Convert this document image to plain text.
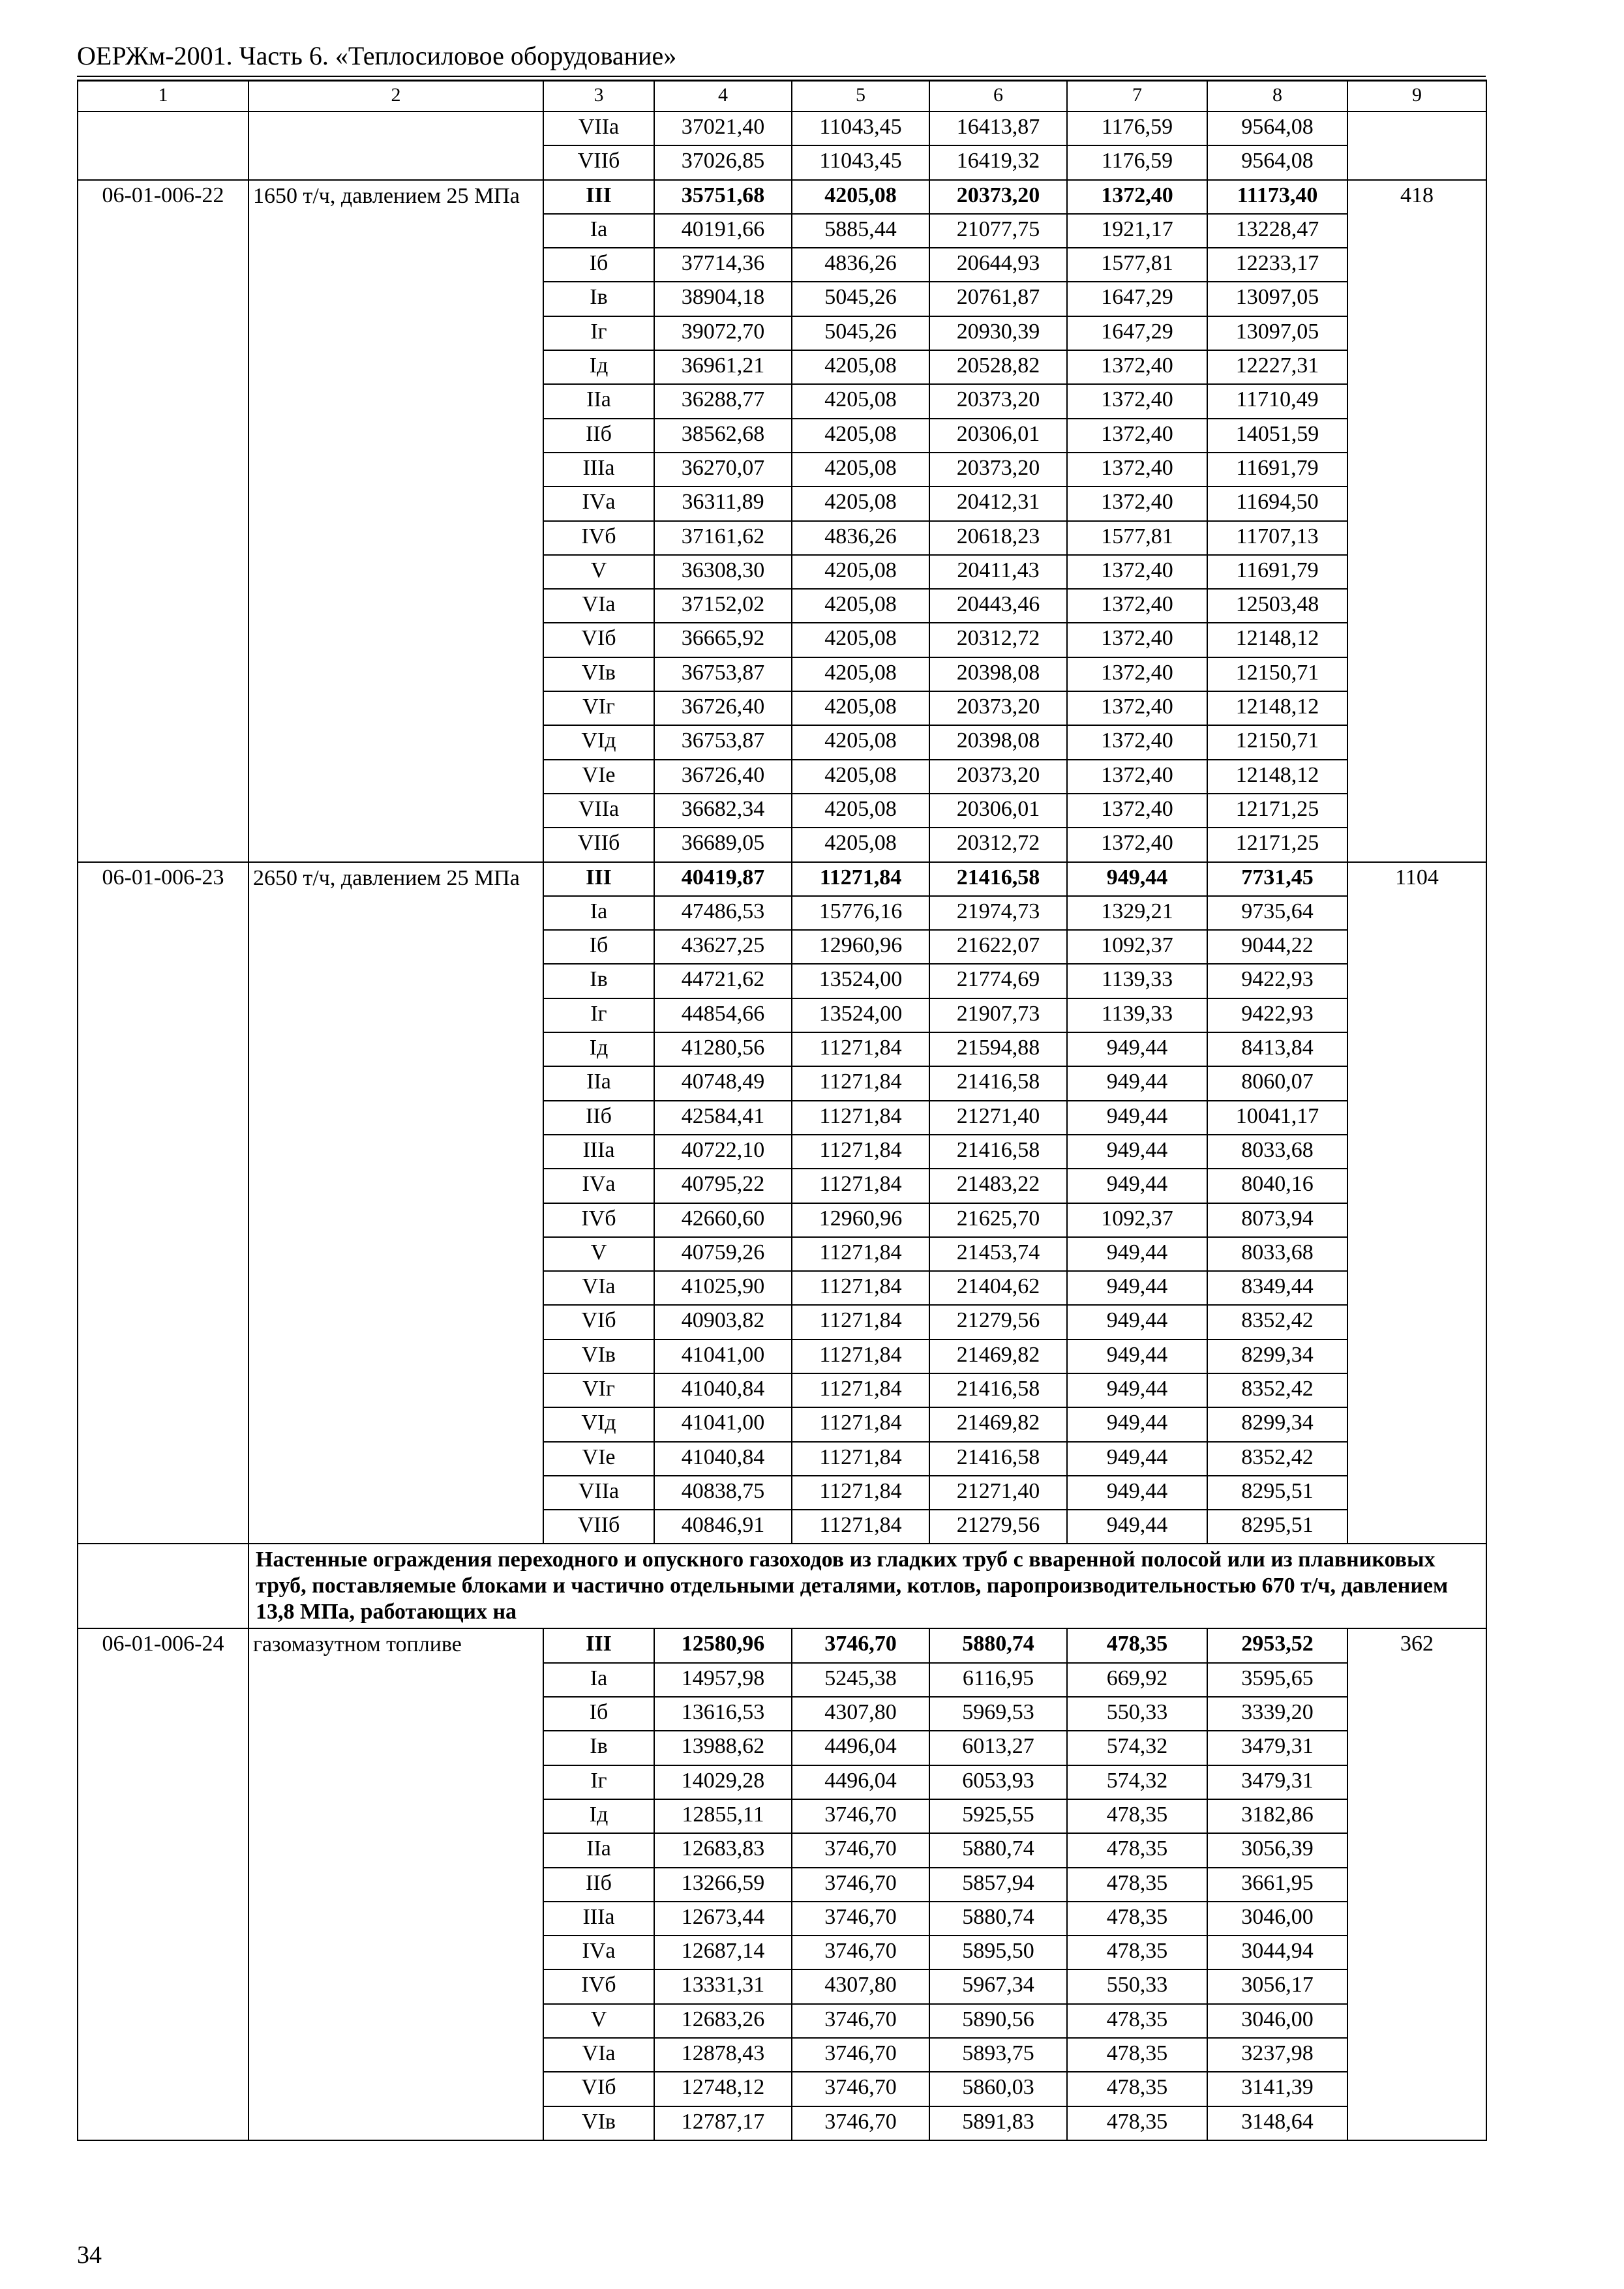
ОЕРЖм-2001. Часть 6. «Теплосиловое оборудование»
1	2	3	4	5	6	7	8	9
		VIIа	37021,40	11043,45	16413,87	1176,59	9564,08	
		VIIб	37026,85	11043,45	16419,32	1176,59	9564,08	
06-01-006-22	1650 т/ч, давлением 25 МПа	III	35751,68	4205,08	20373,20	1372,40	11173,40	418
		Iа	40191,66	5885,44	21077,75	1921,17	13228,47	
		Iб	37714,36	4836,26	20644,93	1577,81	12233,17	
		Iв	38904,18	5045,26	20761,87	1647,29	13097,05	
		Iг	39072,70	5045,26	20930,39	1647,29	13097,05	
		Iд	36961,21	4205,08	20528,82	1372,40	12227,31	
		IIа	36288,77	4205,08	20373,20	1372,40	11710,49	
		IIб	38562,68	4205,08	20306,01	1372,40	14051,59	
		IIIа	36270,07	4205,08	20373,20	1372,40	11691,79	
		IVа	36311,89	4205,08	20412,31	1372,40	11694,50	
		IVб	37161,62	4836,26	20618,23	1577,81	11707,13	
		V	36308,30	4205,08	20411,43	1372,40	11691,79	
		VIа	37152,02	4205,08	20443,46	1372,40	12503,48	
		VIб	36665,92	4205,08	20312,72	1372,40	12148,12	
		VIв	36753,87	4205,08	20398,08	1372,40	12150,71	
		VIг	36726,40	4205,08	20373,20	1372,40	12148,12	
		VIд	36753,87	4205,08	20398,08	1372,40	12150,71	
		VIе	36726,40	4205,08	20373,20	1372,40	12148,12	
		VIIа	36682,34	4205,08	20306,01	1372,40	12171,25	
		VIIб	36689,05	4205,08	20312,72	1372,40	12171,25	
06-01-006-23	2650 т/ч, давлением 25 МПа	III	40419,87	11271,84	21416,58	949,44	7731,45	1104
		Iа	47486,53	15776,16	21974,73	1329,21	9735,64	
		Iб	43627,25	12960,96	21622,07	1092,37	9044,22	
		Iв	44721,62	13524,00	21774,69	1139,33	9422,93	
		Iг	44854,66	13524,00	21907,73	1139,33	9422,93	
		Iд	41280,56	11271,84	21594,88	949,44	8413,84	
		IIа	40748,49	11271,84	21416,58	949,44	8060,07	
		IIб	42584,41	11271,84	21271,40	949,44	10041,17	
		IIIа	40722,10	11271,84	21416,58	949,44	8033,68	
		IVа	40795,22	11271,84	21483,22	949,44	8040,16	
		IVб	42660,60	12960,96	21625,70	1092,37	8073,94	
		V	40759,26	11271,84	21453,74	949,44	8033,68	
		VIа	41025,90	11271,84	21404,62	949,44	8349,44	
		VIб	40903,82	11271,84	21279,56	949,44	8352,42	
		VIв	41041,00	11271,84	21469,82	949,44	8299,34	
		VIг	41040,84	11271,84	21416,58	949,44	8352,42	
		VIд	41041,00	11271,84	21469,82	949,44	8299,34	
		VIе	41040,84	11271,84	21416,58	949,44	8352,42	
		VIIа	40838,75	11271,84	21271,40	949,44	8295,51	
		VIIб	40846,91	11271,84	21279,56	949,44	8295,51	
	Настенные ограждения переходного и опускного газоходов из гладких труб с вваренной полосой или из плавниковых труб, поставляемые блоками и частично отдельными деталями, котлов, паропроизводительностью 670 т/ч, давлением 13,8 МПа, работающих на							
06-01-006-24	газомазутном топливе	III	12580,96	3746,70	5880,74	478,35	2953,52	362
		Iа	14957,98	5245,38	6116,95	669,92	3595,65	
		Iб	13616,53	4307,80	5969,53	550,33	3339,20	
		Iв	13988,62	4496,04	6013,27	574,32	3479,31	
		Iг	14029,28	4496,04	6053,93	574,32	3479,31	
		Iд	12855,11	3746,70	5925,55	478,35	3182,86	
		IIа	12683,83	3746,70	5880,74	478,35	3056,39	
		IIб	13266,59	3746,70	5857,94	478,35	3661,95	
		IIIа	12673,44	3746,70	5880,74	478,35	3046,00	
		IVа	12687,14	3746,70	5895,50	478,35	3044,94	
		IVб	13331,31	4307,80	5967,34	550,33	3056,17	
		V	12683,26	3746,70	5890,56	478,35	3046,00	
		VIа	12878,43	3746,70	5893,75	478,35	3237,98	
		VIб	12748,12	3746,70	5860,03	478,35	3141,39	
		VIв	12787,17	3746,70	5891,83	478,35	3148,64	
34
